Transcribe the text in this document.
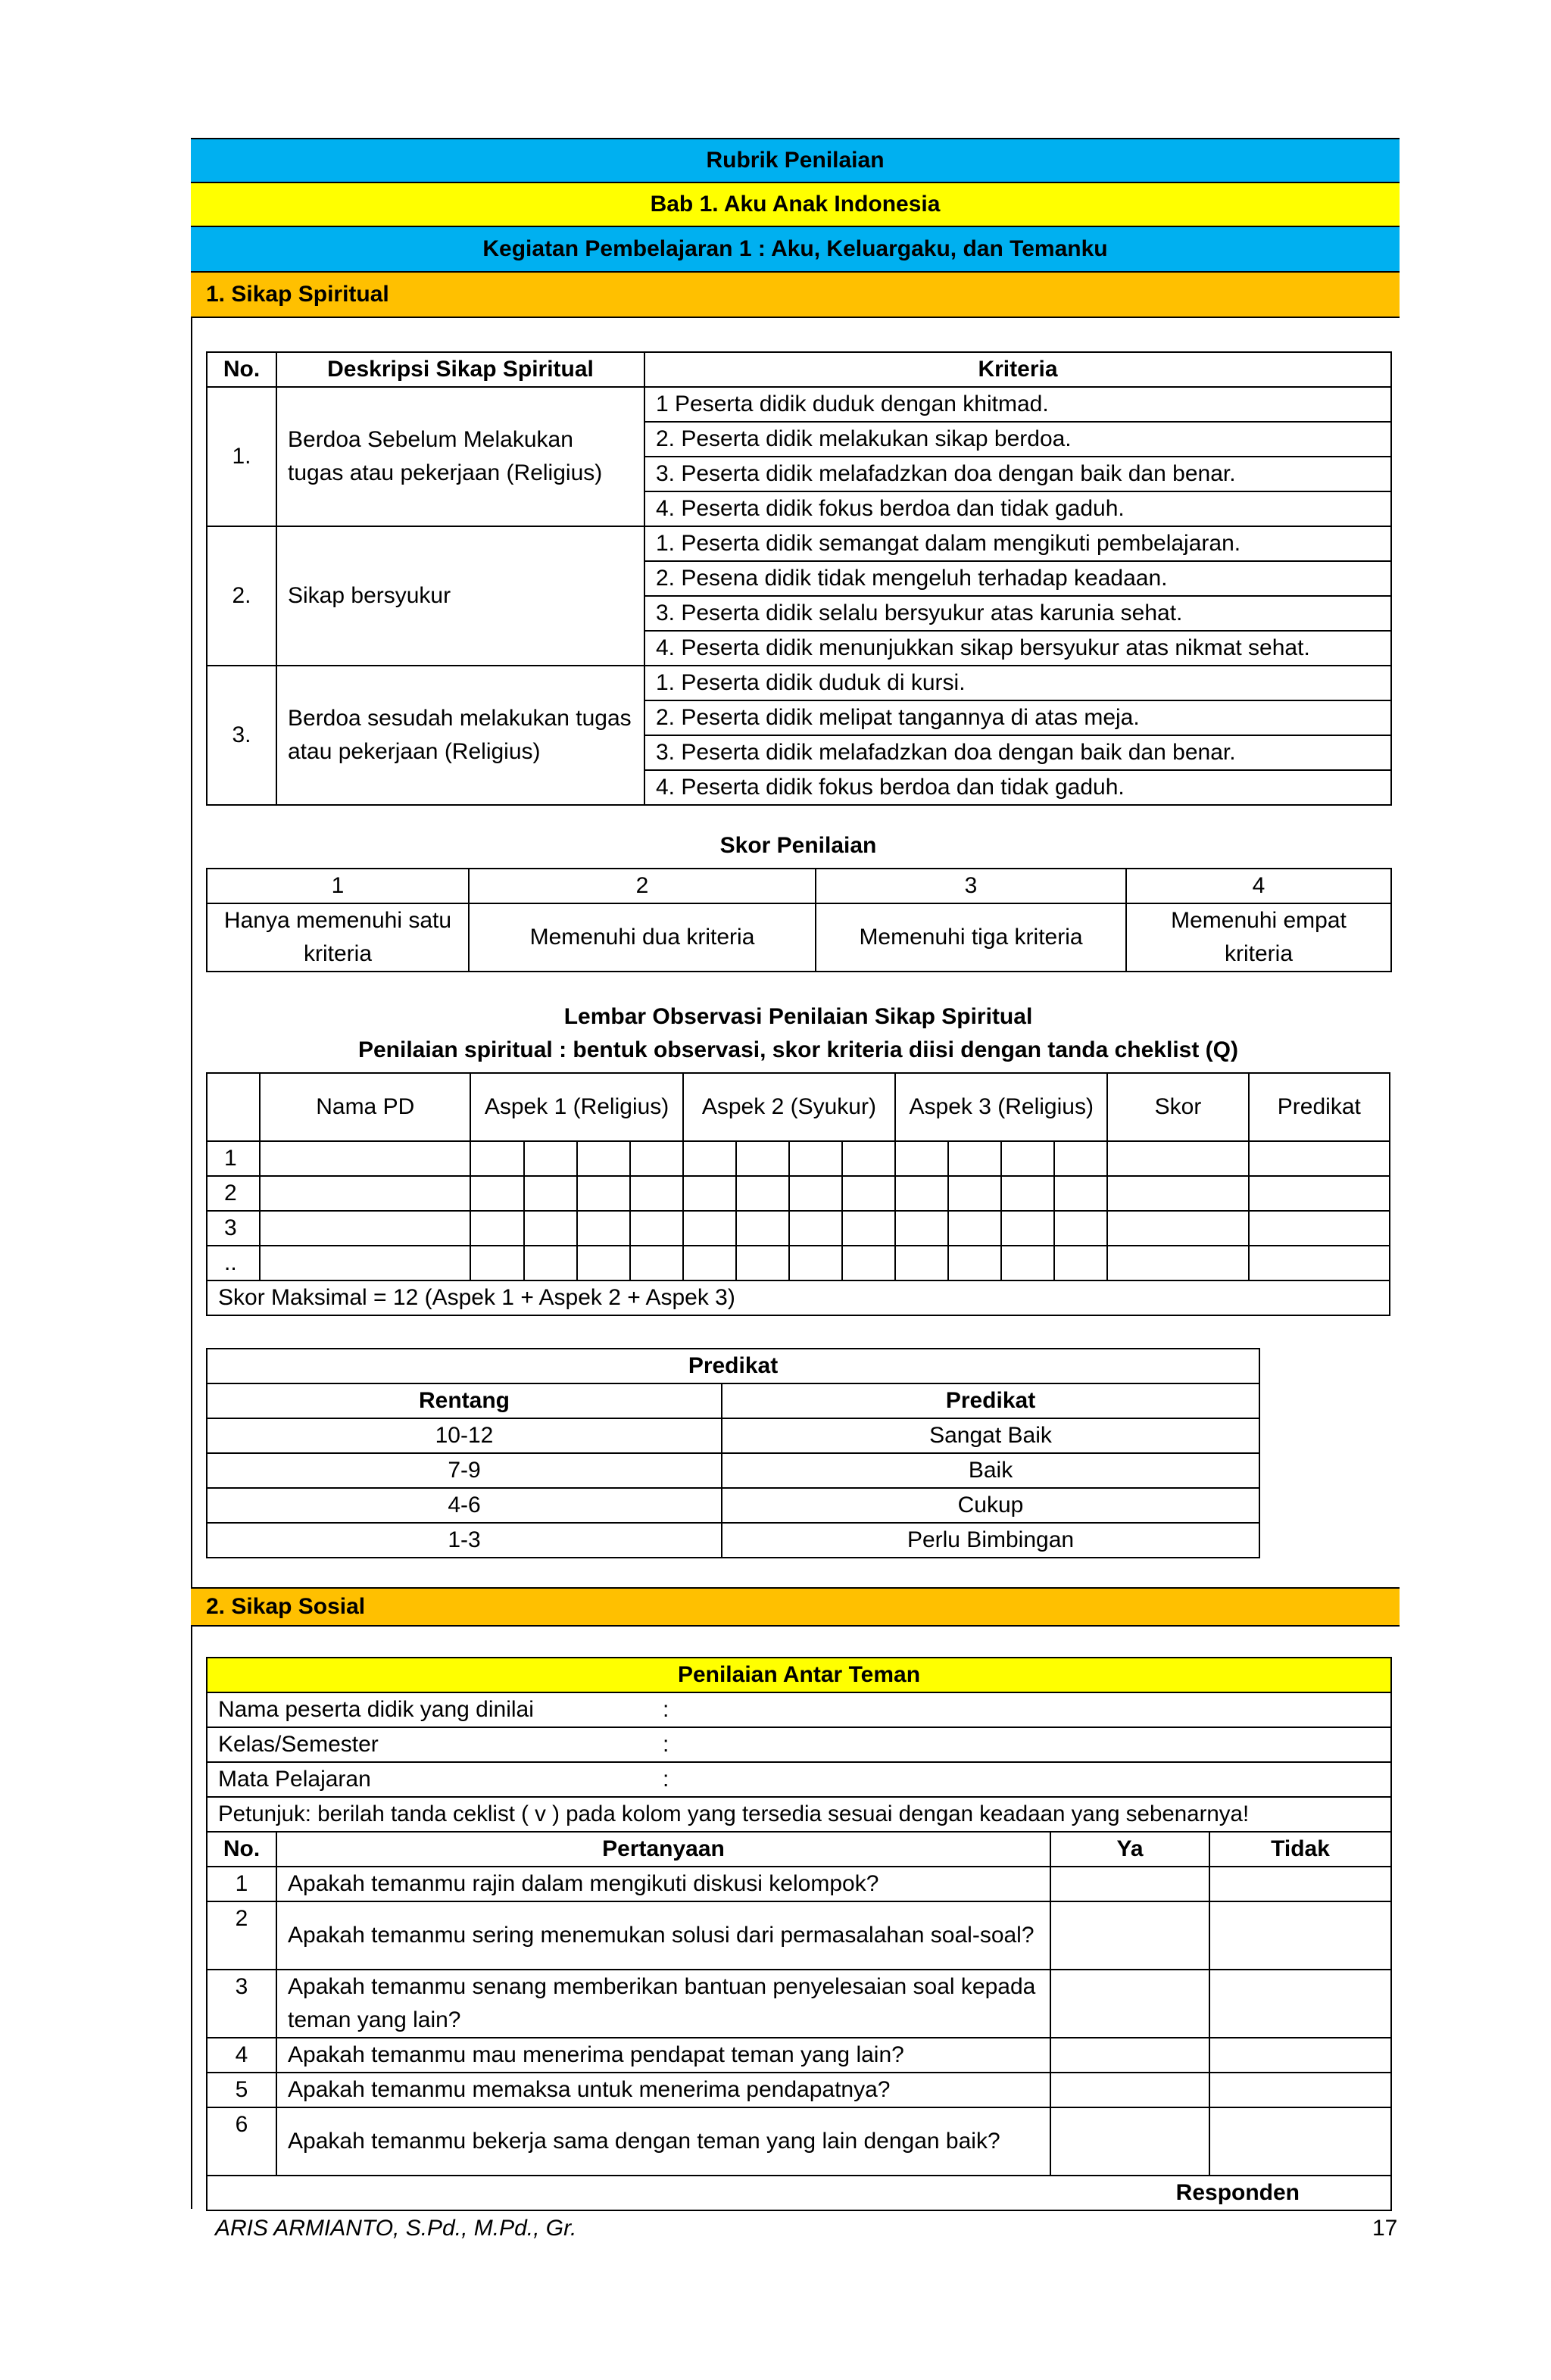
Rubrik Penilaian
Bab 1. Aku Anak Indonesia
Kegiatan Pembelajaran 1 : Aku, Keluargaku, dan Temanku
1. Sikap Spiritual
No.	Deskripsi Sikap Spiritual	Kriteria
1.	Berdoa Sebelum Melakukan tugas atau pekerjaan (Religius)	1 Peserta didik duduk dengan khitmad.
		2. Peserta didik melakukan sikap berdoa.
		3. Peserta didik melafadzkan doa dengan baik dan benar.
		4. Peserta didik fokus berdoa dan tidak gaduh.
2.	Sikap bersyukur	1. Peserta didik semangat dalam mengikuti pembelajaran.
		2. Pesena didik tidak mengeluh terhadap keadaan.
		3. Peserta didik selalu bersyukur atas karunia sehat.
		4. Peserta didik menunjukkan sikap bersyukur atas nikmat sehat.
3.	Berdoa sesudah melakukan tugas atau pekerjaan (Religius)	1. Peserta didik duduk di kursi.
		2. Peserta didik melipat tangannya di atas meja.
		3. Peserta didik melafadzkan doa dengan baik dan benar.
		4. Peserta didik fokus berdoa dan tidak gaduh.
Skor Penilaian
1	2	3	4
Hanya memenuhi satu kriteria	Memenuhi dua kriteria	Memenuhi tiga kriteria	Memenuhi empat kriteria
Lembar Observasi Penilaian Sikap Spiritual
Penilaian spiritual : bentuk observasi, skor kriteria diisi dengan tanda cheklist (Q)
	Nama PD	Aspek 1 (Religius)				Aspek 2 (Syukur)				Aspek 3 (Religius)				Skor	Predikat
1															
2															
3															
..															
Skor Maksimal = 12 (Aspek 1 + Aspek 2 + Aspek 3)															
Predikat	
Rentang	Predikat
10-12	Sangat Baik
7-9	Baik
4-6	Cukup
1-3	Perlu Bimbingan
2. Sikap Sosial
Penilaian Antar Teman				
Nama peserta didik yang dinilai		:		
Kelas/Semester		:		
Mata Pelajaran		:		
Petunjuk: berilah tanda ceklist ( v ) pada kolom yang tersedia sesuai dengan keadaan yang sebenarnya!				
No.	Pertanyaan		Ya	Tidak
1	Apakah temanmu rajin dalam mengikuti diskusi kelompok?			
2	Apakah temanmu sering menemukan solusi dari permasalahan soal-soal?			
3	Apakah temanmu senang memberikan bantuan penyelesaian soal kepada teman yang lain?			
4	Apakah temanmu mau menerima pendapat teman yang lain?			
5	Apakah temanmu memaksa untuk menerima pendapatnya?			
6	Apakah temanmu bekerja sama dengan teman yang lain dengan baik?			
Responden				
ARIS ARMIANTO, S.Pd., M.Pd., Gr.	17
